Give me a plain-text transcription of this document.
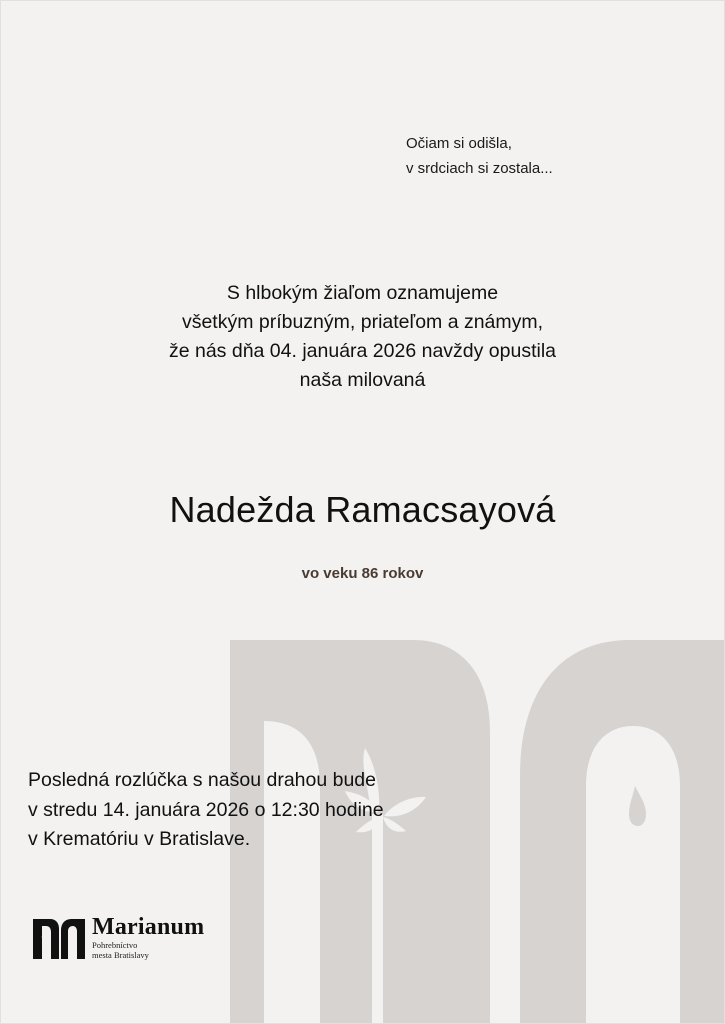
Očiam si odišla,
v srdciach si zostala...
S hlbokým žiaľom oznamujeme
všetkým príbuzným, priateľom a známym,
že nás dňa 04. januára 2026 navždy opustila
naša milovaná
Nadežda Ramacsayová
vo veku 86 rokov
Posledná rozlúčka s našou drahou bude
v stredu 14. januára 2026 o 12:30 hodine
v Krematóriu v Bratislave.
Marianum
Pohrebníctvo
mesta Bratislavy
